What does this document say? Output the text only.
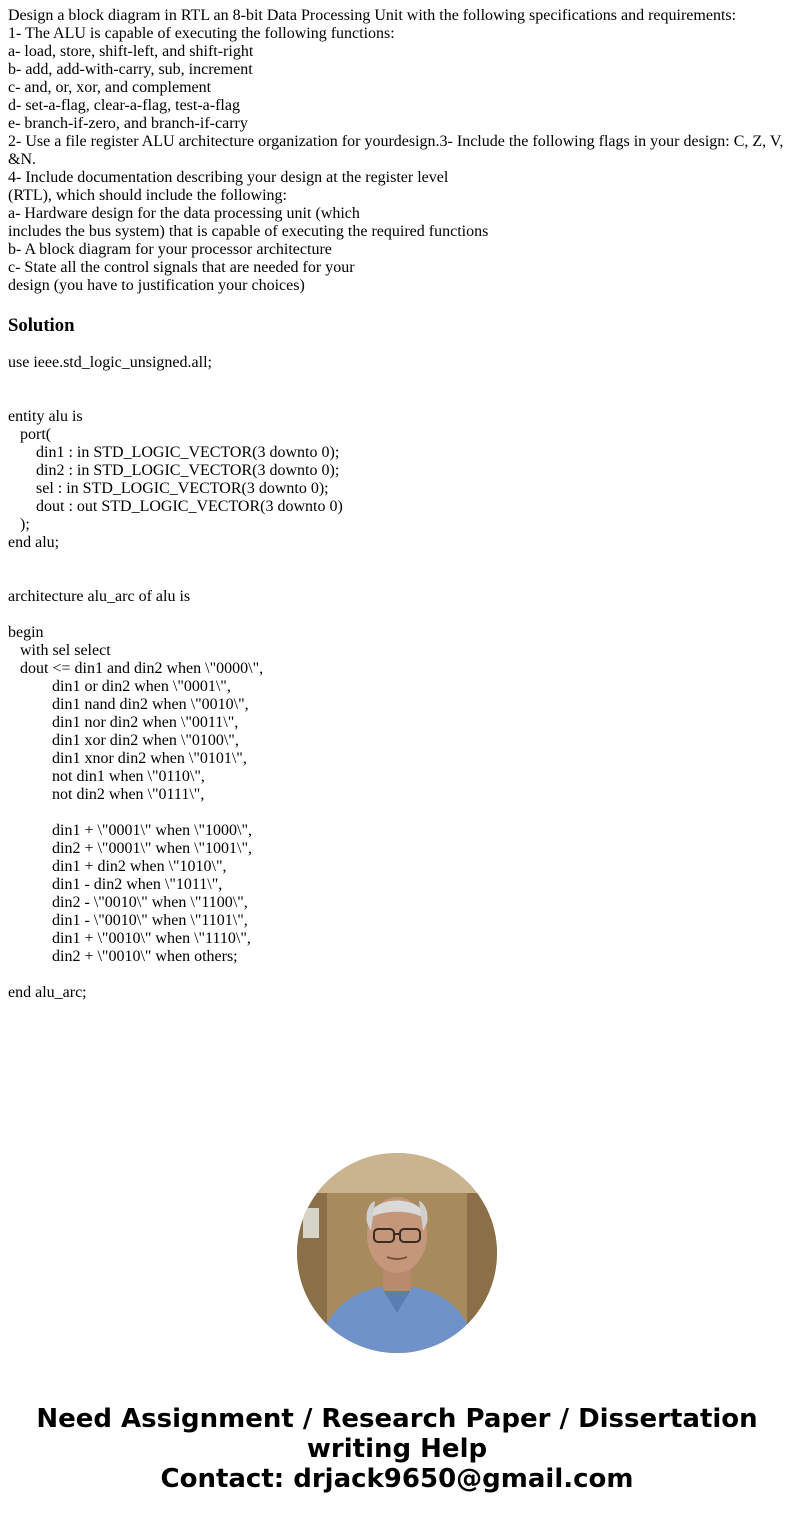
Design a block diagram in RTL an 8-bit Data Processing Unit with the following specifications and requirements:
1- The ALU is capable of executing the following functions:
a- load, store, shift-left, and shift-right
b- add, add-with-carry, sub, increment
c- and, or, xor, and complement
d- set-a-flag, clear-a-flag, test-a-flag
e- branch-if-zero, and branch-if-carry
2- Use a file register ALU architecture organization for yourdesign.3- Include the following flags in your design: C, Z, V, &N.
4- Include documentation describing your design at the register level
(RTL), which should include the following:
a- Hardware design for the data processing unit (which
includes the bus system) that is capable of executing the required functions
b- A block diagram for your processor architecture
c- State all the control signals that are needed for your
design (you have to justification your choices)
Solution
use ieee.std_logic_unsigned.all;
entity alu is
port(
din1 : in STD_LOGIC_VECTOR(3 downto 0);
din2 : in STD_LOGIC_VECTOR(3 downto 0);
sel : in STD_LOGIC_VECTOR(3 downto 0);
dout : out STD_LOGIC_VECTOR(3 downto 0)
);
end alu;
architecture alu_arc of alu is
begin
with sel select
dout <= din1 and din2 when \"0000\",
din1 or din2 when \"0001\",
din1 nand din2 when \"0010\",
din1 nor din2 when \"0011\",
din1 xor din2 when \"0100\",
din1 xnor din2 when \"0101\",
not din1 when \"0110\",
not din2 when \"0111\",
din1 + \"0001\" when \"1000\",
din2 + \"0001\" when \"1001\",
din1 + din2 when \"1010\",
din1 - din2 when \"1011\",
din2 - \"0010\" when \"1100\",
din1 - \"0010\" when \"1101\",
din1 + \"0010\" when \"1110\",
din2 + \"0010\" when others;
end alu_arc;
Need Assignment / Research Paper / Dissertation
writing Help
Contact: drjack9650@gmail.com
